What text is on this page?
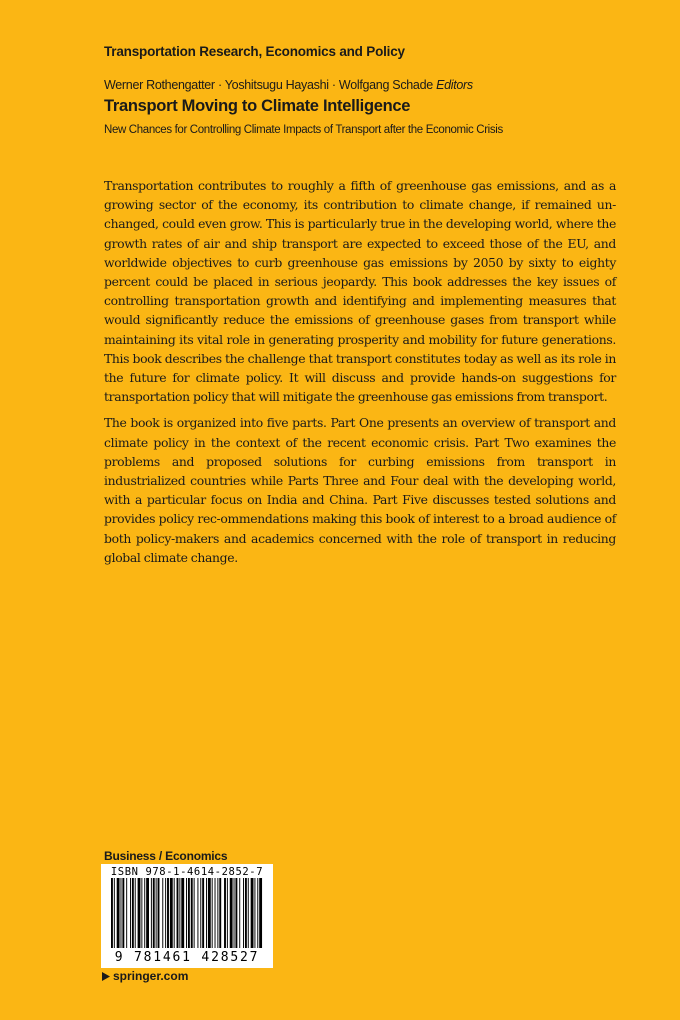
Transportation Research, Economics and Policy
Werner Rothengatter · Yoshitsugu Hayashi · Wolfgang Schade Editors
Transport Moving to Climate Intelligence
New Chances for Controlling Climate Impacts of Transport after the Economic Crisis

Transportation contributes to roughly a fifth of greenhouse gas emissions, and as a growing sector of the economy, its contribution to climate change, if remained un-changed, could even grow. This is particularly true in the developing world, where the growth rates of air and ship transport are expected to exceed those of the EU, and worldwide objectives to curb greenhouse gas emissions by 2050 by sixty to eighty percent could be placed in serious jeopardy. This book addresses the key issues of controlling transportation growth and identifying and implementing measures that would significantly reduce the emissions of greenhouse gases from transport while maintaining its vital role in generating prosperity and mobility for future generations. This book describes the challenge that transport constitutes today as well as its role in the future for climate policy. It will discuss and provide hands-on suggestions for transportation policy that will mitigate the greenhouse gas emissions from transport.

The book is organized into five parts. Part One presents an overview of transport and climate policy in the context of the recent economic crisis. Part Two examines the problems and proposed solutions for curbing emissions from transport in industrialized countries while Parts Three and Four deal with the developing world, with a particular focus on India and China. Part Five discusses tested solutions and provides policy rec-ommendations making this book of interest to a broad audience of both policy-makers and academics concerned with the role of transport in reducing global climate change.

Business / Economics
ISBN 978-1-4614-2852-7
9 781461 428527
springer.com
